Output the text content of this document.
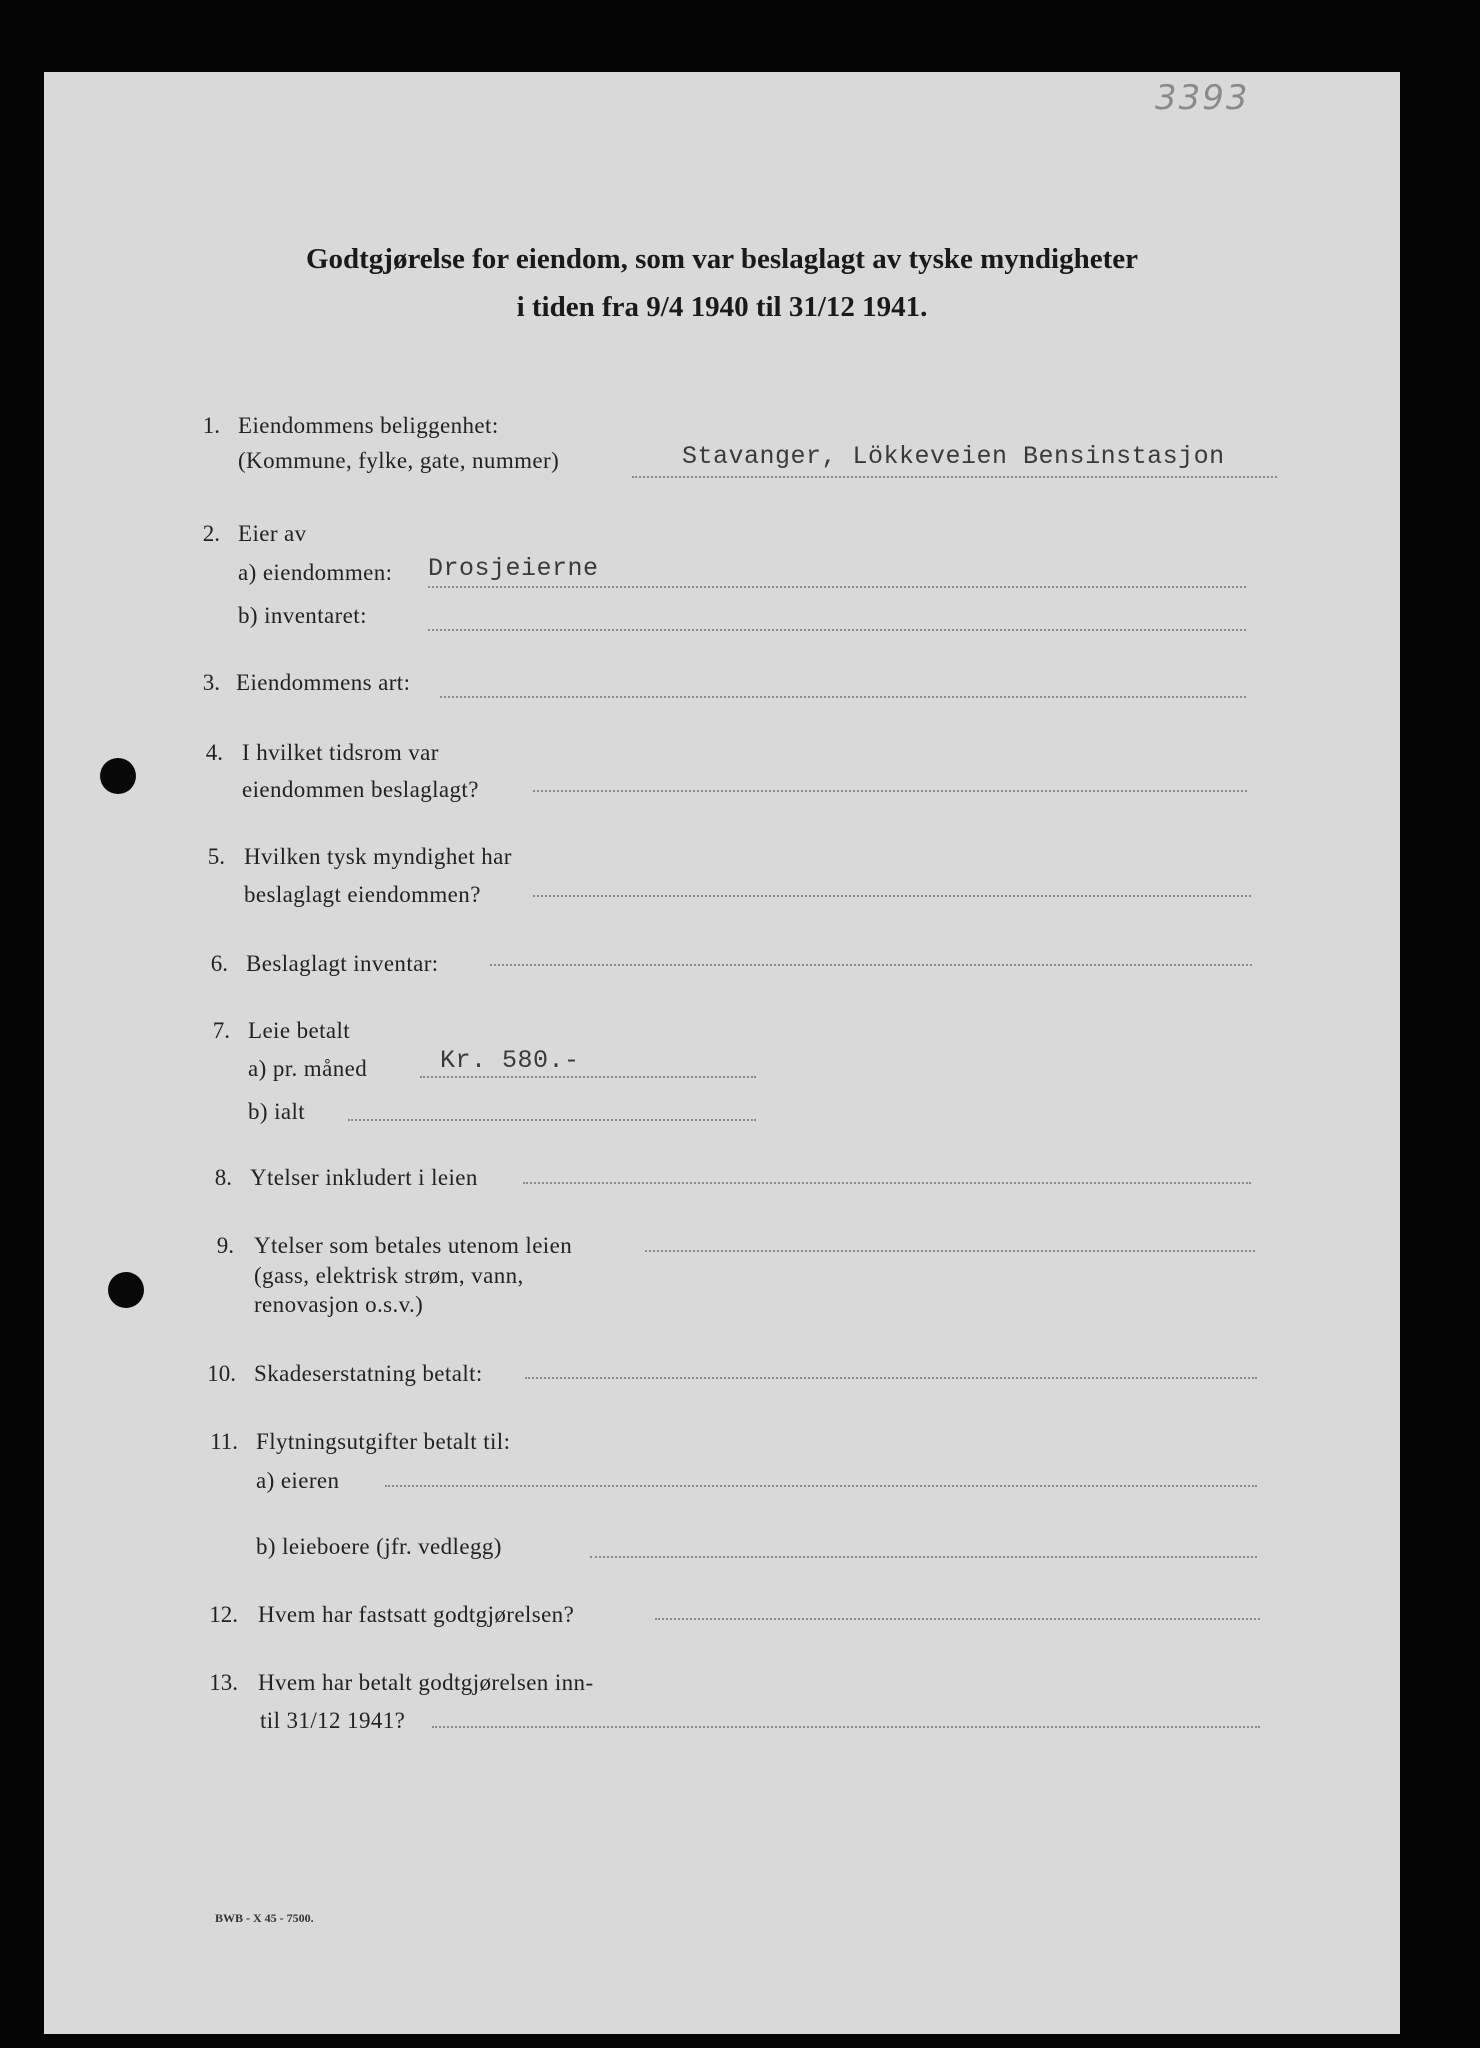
3393
Godtgjørelse for eiendom, som var beslaglagt av tyske myndigheter
i tiden fra 9/4 1940 til 31/12 1941.
1. Eiendommens beliggenhet:
(Kommune, fylke, gate, nummer)	Stavanger, Lökkeveien Bensinstasjon
2. Eier av
a) eiendommen: Drosjeierne
b) inventaret:
3. Eiendommens art:
4. I hvilket tidsrom var
eiendommen beslaglagt?
5. Hvilken tysk myndighet har
beslaglagt eiendommen?
6. Beslaglagt inventar:
7. Leie betalt
a) pr. måned	Kr. 580.-
b) ialt
8. Ytelser inkludert i leien
9. Ytelser som betales utenom leien
(gass, elektrisk strøm, vann,
renovasjon o.s.v.)
10. Skadeserstatning betalt:
11. Flytningsutgifter betalt til:
a) eieren
b) leieboere (jfr. vedlegg)
12. Hvem har fastsatt godtgjørelsen?
13. Hvem har betalt godtgjørelsen inn-
til 31/12 1941?
BWB - X 45 - 7500.
